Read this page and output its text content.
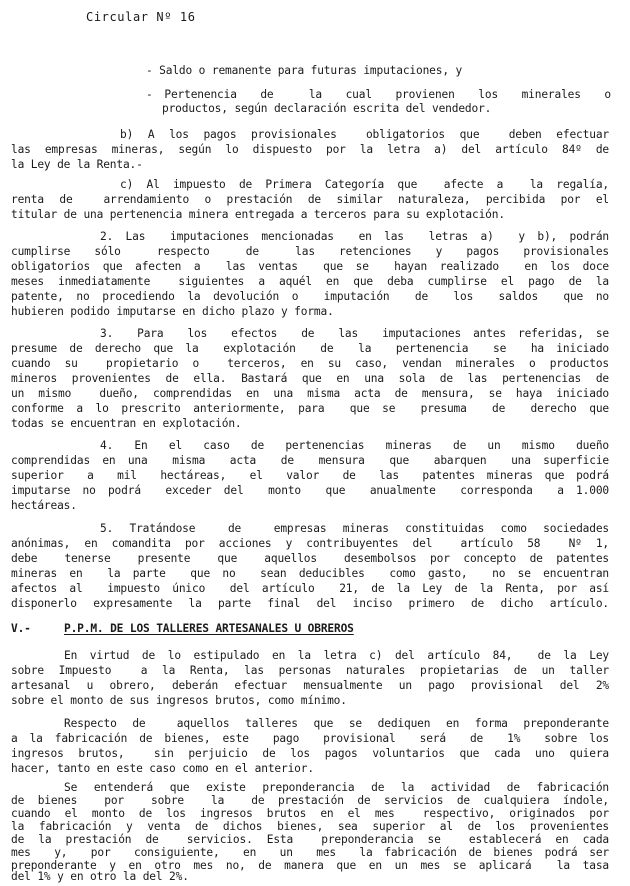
Circular Nº 16
- Saldo o remanente para futuras imputaciones, y
- Pertenencia  de   la  cual  provienen  los  minerales  o
productos, según declaración escrita del vendedor.
b) A los pagos provisionales  obligatorios que  deben efectuar
las empresas mineras, según lo dispuesto por la letra a) del artículo 84º de
la Ley de la Renta.-
c) Al impuesto de Primera Categoría que  afecte a  la regalía,
renta de  arrendamiento o prestación de similar naturaleza, percibida por el
titular de una pertenencia minera entregada a terceros para su explotación.
2. Las  imputaciones mencionadas  en las  letras a)  y b), podrán
cumplirse  sólo   respecto   de   las  retenciones  y  pagos  provisionales
obligatorios que afecten a  las ventas  que se  hayan realizado  en los doce
meses inmediatamente  siguientes a aquél en que deba cumplirse el pago de la
patente, no procediendo la devolución o  imputación  de  los  saldos  que no
hubieren podido imputarse en dicho plazo y forma.
3.  Para  los  efectos  de  las  imputaciones antes referidas, se
presume de derecho que la  explotación  de  la  pertenencia  se  ha iniciado
cuando su  propietario o  terceros, en su caso, vendan minerales o productos
mineros provenientes de ella. Bastará que en una sola de las pertenencias de
un mismo  dueño, comprendidas en una misma acta de mensura, se haya iniciado
conforme a lo prescrito anteriormente, para  que se  presuma  de  derecho que
todas se encuentran en explotación.
4.  En  el  caso  de  pertenencias  mineras  de  un  mismo  dueño
comprendidas en una  misma  acta  de  mensura  que  abarquen  una superficie
superior  a  mil  hectáreas,  el  valor  de  las  patentes mineras que podrá
imputarse no podrá  exceder del  monto  que  anualmente  corresponda  a 1.000
hectáreas.
5. Tratándose  de  empresas mineras constituidas como sociedades
anónimas, en comandita por acciones y contribuyentes del  artículo 58  Nº 1,
debe  tenerse  presente  que  aquellos  desembolsos por concepto de patentes
mineras en  la parte  que no  sean deducibles  como gasto,  no se encuentran
afectos al  impuesto único  del artículo  21, de la Ley de la Renta, por así
disponerlo expresamente la parte final del inciso primero de dicho artículo.
V.-	P.P.M. DE LOS TALLERES ARTESANALES U OBREROS
En virtud de lo estipulado en la letra c) del artículo 84,  de la Ley
sobre Impuesto  a la Renta, las personas naturales propietarias de un taller
artesanal u obrero, deberán efectuar mensualmente un pago provisional del 2%
sobre el monto de sus ingresos brutos, como mínimo.
Respecto de  aquellos talleres que se dediquen en forma preponderante
a la fabricación de bienes, este  pago  provisional  será  de  1%  sobre los
ingresos brutos,  sin perjuicio de los pagos voluntarios que cada uno quiera
hacer, tanto en este caso como en el anterior.
Se entenderá que existe preponderancia de la actividad de fabricación
de bienes  por  sobre  la  de prestación de servicios de cualquiera índole,
cuando el monto de los ingresos brutos en el mes  respectivo, originados por
la fabricación y venta de dichos bienes, sea superior al de los provenientes
de la prestación de  servicios. Esta  preponderancia se  establecerá en cada
mes  y,  por  consiguiente,  en  un  mes  la fabricación de bienes podrá ser
preponderante y en otro mes no, de manera que en un mes se aplicará  la tasa
del 1% y en otro la del 2%.
